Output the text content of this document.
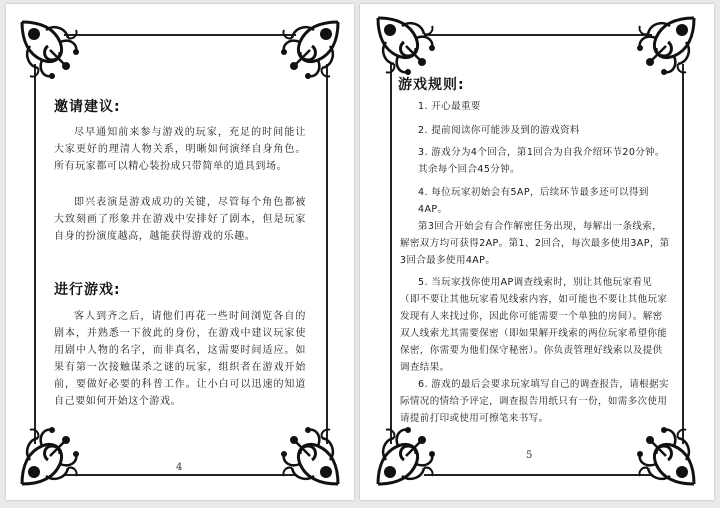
邀请建议:
尽早通知前来参与游戏的玩家，充足的时间能让大家更好的理清人物关系，明晰如何演绎自身角色。所有玩家都可以精心装扮成只带简单的道具到场。
即兴表演是游戏成功的关键，尽管每个角色都被大致刻画了形象并在游戏中安排好了剧本，但是玩家自身的扮演度越高，越能获得游戏的乐趣。
进行游戏:
客人到齐之后，请他们再花一些时间浏览各自的剧本，并熟悉一下彼此的身份，在游戏中建议玩家使用剧中人物的名字，而非真名，这需要时间适应。如果有第一次接触谋杀之谜的玩家，组织者在游戏开始前，要做好必要的科普工作。让小白可以迅速的知道自己要如何开始这个游戏。
4
游戏规则:
1. 开心最重要
2. 提前阅读你可能涉及到的游戏资料
3. 游戏分为4个回合，第1回合为自我介绍环节20分钟。其余每个回合45分钟。
4. 每位玩家初始会有5AP，后续环节最多还可以得到4AP。
第3回合开始会有合作解密任务出现，每解出一条线索，解密双方均可获得2AP。第1、2回合，每次最多使用3AP，第3回合最多使用4AP。
5. 当玩家找你使用AP调查线索时，别让其他玩家看见（即不要让其他玩家看见线索内容，如可能也不要让其他玩家发现有人来找过你，因此你可能需要一个单独的房间）。解密双人线索尤其需要保密（即如果解开线索的两位玩家希望你能保密，你需要为他们保守秘密）。你负责管理好线索以及提供调查结果。
6. 游戏的最后会要求玩家填写自己的调查报告，请根据实际情况的情给予评定，调查报告用纸只有一份，如需多次使用请提前打印或使用可擦笔来书写。
5
